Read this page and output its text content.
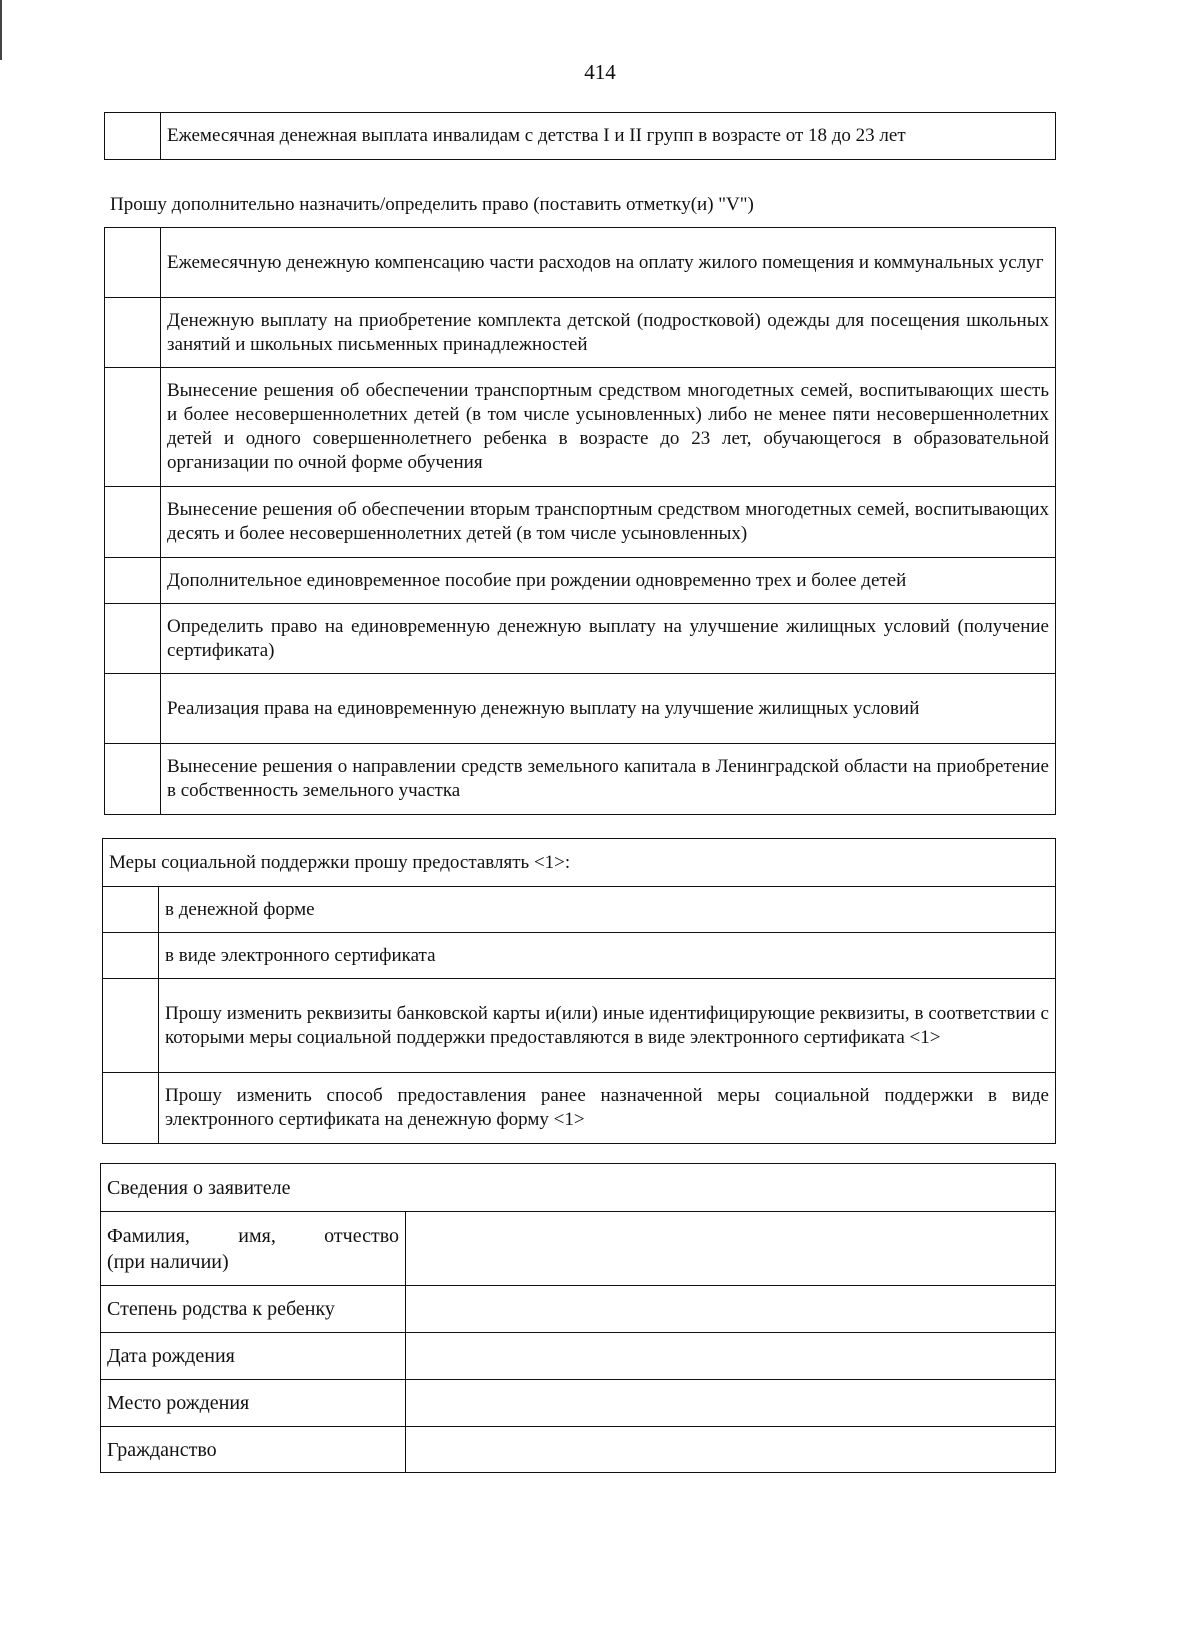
414
	Ежемесячная денежная выплата инвалидам с детства I и II групп в возрасте от 18 до 23 лет
Прошу дополнительно назначить/определить право (поставить отметку(и) "V")
	Ежемесячную денежную компенсацию части расходов на оплату жилого помещения и коммунальных услуг
	Денежную выплату на приобретение комплекта детской (подростковой) одежды для посещения школьных занятий и школьных письменных принадлежностей
	Вынесение решения об обеспечении транспортным средством многодетных семей, воспитывающих шесть и более несовершеннолетних детей (в том числе усыновленных) либо не менее пяти несовершеннолетних детей и одного совершеннолетнего ребенка в возрасте до 23 лет, обучающегося в образовательной организации по очной форме обучения
	Вынесение решения об обеспечении вторым транспортным средством многодетных семей, воспитывающих десять и более несовершеннолетних детей (в том числе усыновленных)
	Дополнительное единовременное пособие при рождении одновременно трех и более детей
	Определить право на единовременную денежную выплату на улучшение жилищных условий (получение сертификата)
	Реализация права на единовременную денежную выплату на улучшение жилищных условий
	Вынесение решения о направлении средств земельного капитала в Ленинградской области на приобретение в собственность земельного участка
Меры социальной поддержки прошу предоставлять <1>:	
	в денежной форме
	в виде электронного сертификата
	Прошу изменить реквизиты банковской карты и(или) иные идентифицирующие реквизиты, в соответствии с которыми меры социальной поддержки предоставляются в виде электронного сертификата <1>
	Прошу изменить способ предоставления ранее назначенной меры социальной поддержки в виде электронного сертификата на денежную форму <1>
Сведения о заявителе	

Фамилия, имя, отчество
(при наличии)	
Степень родства к ребенку	
Дата рождения	
Место рождения	
Гражданство	
